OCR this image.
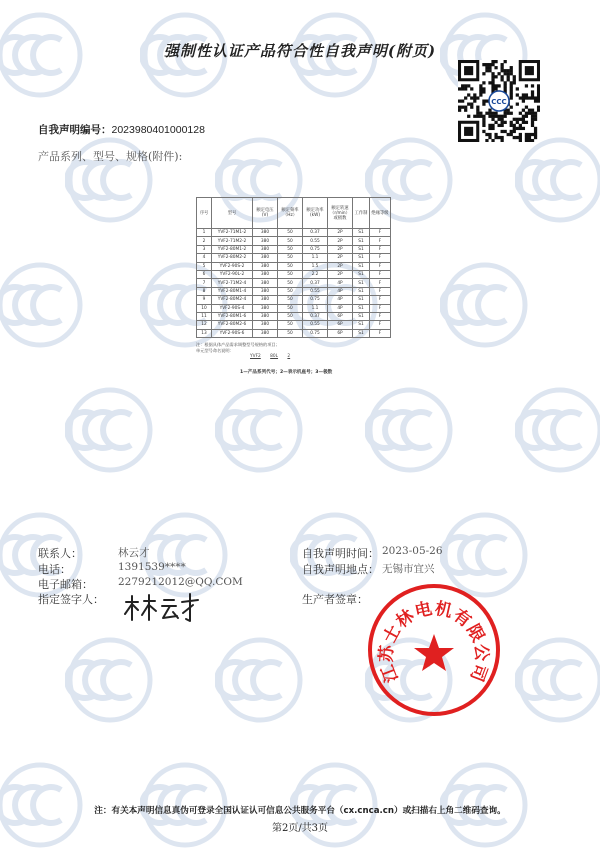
强制性认证产品符合性自我声明(附页)
CCC
自我声明编号：2023980401000128
产品系列、型号、规格(附件):
序号	型号	额定电压(V)	额定频率（Hz）	额定功率(kW)	额定转速（r/min）或极数	工作制	绝缘等级
1	YVF2-71M1-2	380	50	0.37	2P	S1	F
2	YVF2-71M2-2	380	50	0.55	2P	S1	F
3	YVF2-80M1-2	380	50	0.75	2P	S1	F
4	YVF2-80M2-2	380	50	1.1	2P	S1	F
5	YVF2-90S-2	380	50	1.5	2P	S1	F
6	YVF2-90L-2	380	50	2.2	2P	S1	F
7	YVF2-71M2-4	380	50	0.37	4P	S1	F
8	YVF2-80M1-4	380	50	0.55	4P	S1	F
9	YVF2-80M2-4	380	50	0.75	4P	S1	F
10	YVF2-90S-4	380	50	1.1	4P	S1	F
11	YVF2-80M1-6	380	50	0.37	6P	S1	F
12	YVF2-80M2-6	380	50	0.55	6P	S1	F
13	YVF2-90S-6	380	50	0.75	6P	S1	F
注：根据具体产品需求调整型号规格的项目；
单元型号命名说明：
YVF2 80L 2
1—产品系列代号；2—表示机座号；3—极数
联系人：	林云才
电话：	1391539****
电子邮箱： 2279212012@QQ.COM
指定签字人：
自我声明时间： 2023-05-26
自我声明地点： 无锡市宜兴
生产者签章：
江苏士林电机有限公司
注：有关本声明信息真伪可登录全国认证认可信息公共服务平台（cx.cnca.cn）或扫描右上角二维码查询。
第2页/共3页
